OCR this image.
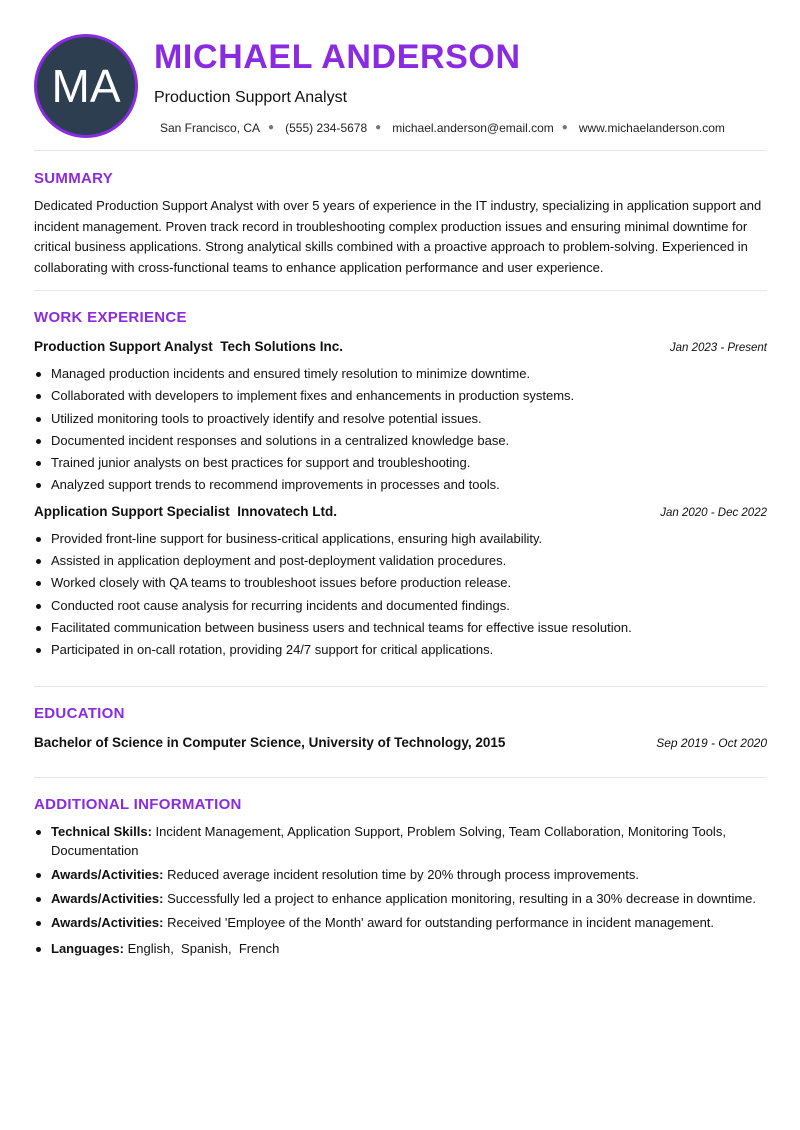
MA
MICHAEL ANDERSON
Production Support Analyst
San Francisco, CA ● (555) 234-5678 ● michael.anderson@email.com ● www.michaelanderson.com
SUMMARY
Dedicated Production Support Analyst with over 5 years of experience in the IT industry, specializing in application support and incident management. Proven track record in troubleshooting complex production issues and ensuring minimal downtime for critical business applications. Strong analytical skills combined with a proactive approach to problem-solving. Experienced in collaborating with cross-functional teams to enhance application performance and user experience.
WORK EXPERIENCE
Production Support Analyst  Tech Solutions Inc.	Jan 2023 - Present
Managed production incidents and ensured timely resolution to minimize downtime.
Collaborated with developers to implement fixes and enhancements in production systems.
Utilized monitoring tools to proactively identify and resolve potential issues.
Documented incident responses and solutions in a centralized knowledge base.
Trained junior analysts on best practices for support and troubleshooting.
Analyzed support trends to recommend improvements in processes and tools.
Application Support Specialist  Innovatech Ltd.	Jan 2020 - Dec 2022
Provided front-line support for business-critical applications, ensuring high availability.
Assisted in application deployment and post-deployment validation procedures.
Worked closely with QA teams to troubleshoot issues before production release.
Conducted root cause analysis for recurring incidents and documented findings.
Facilitated communication between business users and technical teams for effective issue resolution.
Participated in on-call rotation, providing 24/7 support for critical applications.
EDUCATION
Bachelor of Science in Computer Science, University of Technology, 2015	Sep 2019 - Oct 2020
ADDITIONAL INFORMATION
Technical Skills: Incident Management, Application Support, Problem Solving, Team Collaboration, Monitoring Tools, Documentation
Awards/Activities: Reduced average incident resolution time by 20% through process improvements.
Awards/Activities: Successfully led a project to enhance application monitoring, resulting in a 30% decrease in downtime.
Awards/Activities: Received 'Employee of the Month' award for outstanding performance in incident management.
Languages: English,  Spanish,  French
